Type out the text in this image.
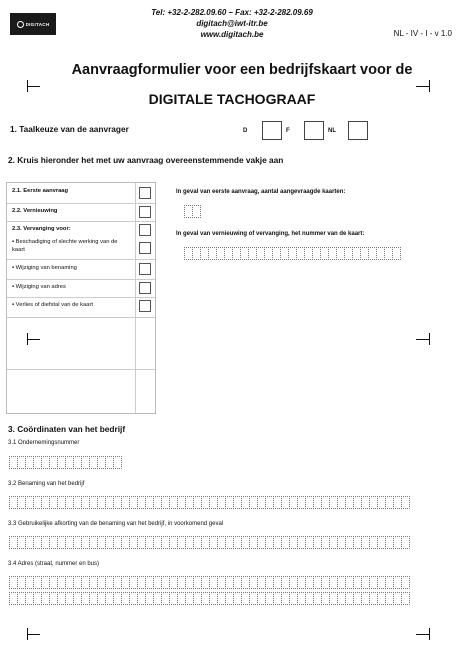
DIGITACH
Tel: +32-2-282.09.60 – Fax: +32-2-282.09.69
digitach@iwt-itr.be
www.digitach.be	NL - IV - I - v 1.0
Aanvraagformulier voor een bedrijfskaart voor de
DIGITALE TACHOGRAAF
1. Taalkeuze van de aanvrager	D	F	NL
2. Kruis hieronder het met uw aanvraag overeenstemmende vakje aan
2.1. Eerste aanvraag
2.2. Vernieuwing
2.3. Vervanging voor:
▪ Beschadiging of slechte werking van de kaart
▪ Wijziging van benaming
▪ Wijziging van adres
▪ Verlies of diefstal van de kaart
In geval van eerste aanvraag, aantal aangevraagde kaarten:
In geval van vernieuwing of vervanging, het nummer van de kaart:
3. Coördinaten van het bedrijf
3.1 Ondernemingsnummer
3.2 Benaming van het bedrijf
3.3 Gebruikelijke afkorting van de benaming van het bedrijf, in voorkomend geval
3.4 Adres (straat, nummer en bus)
